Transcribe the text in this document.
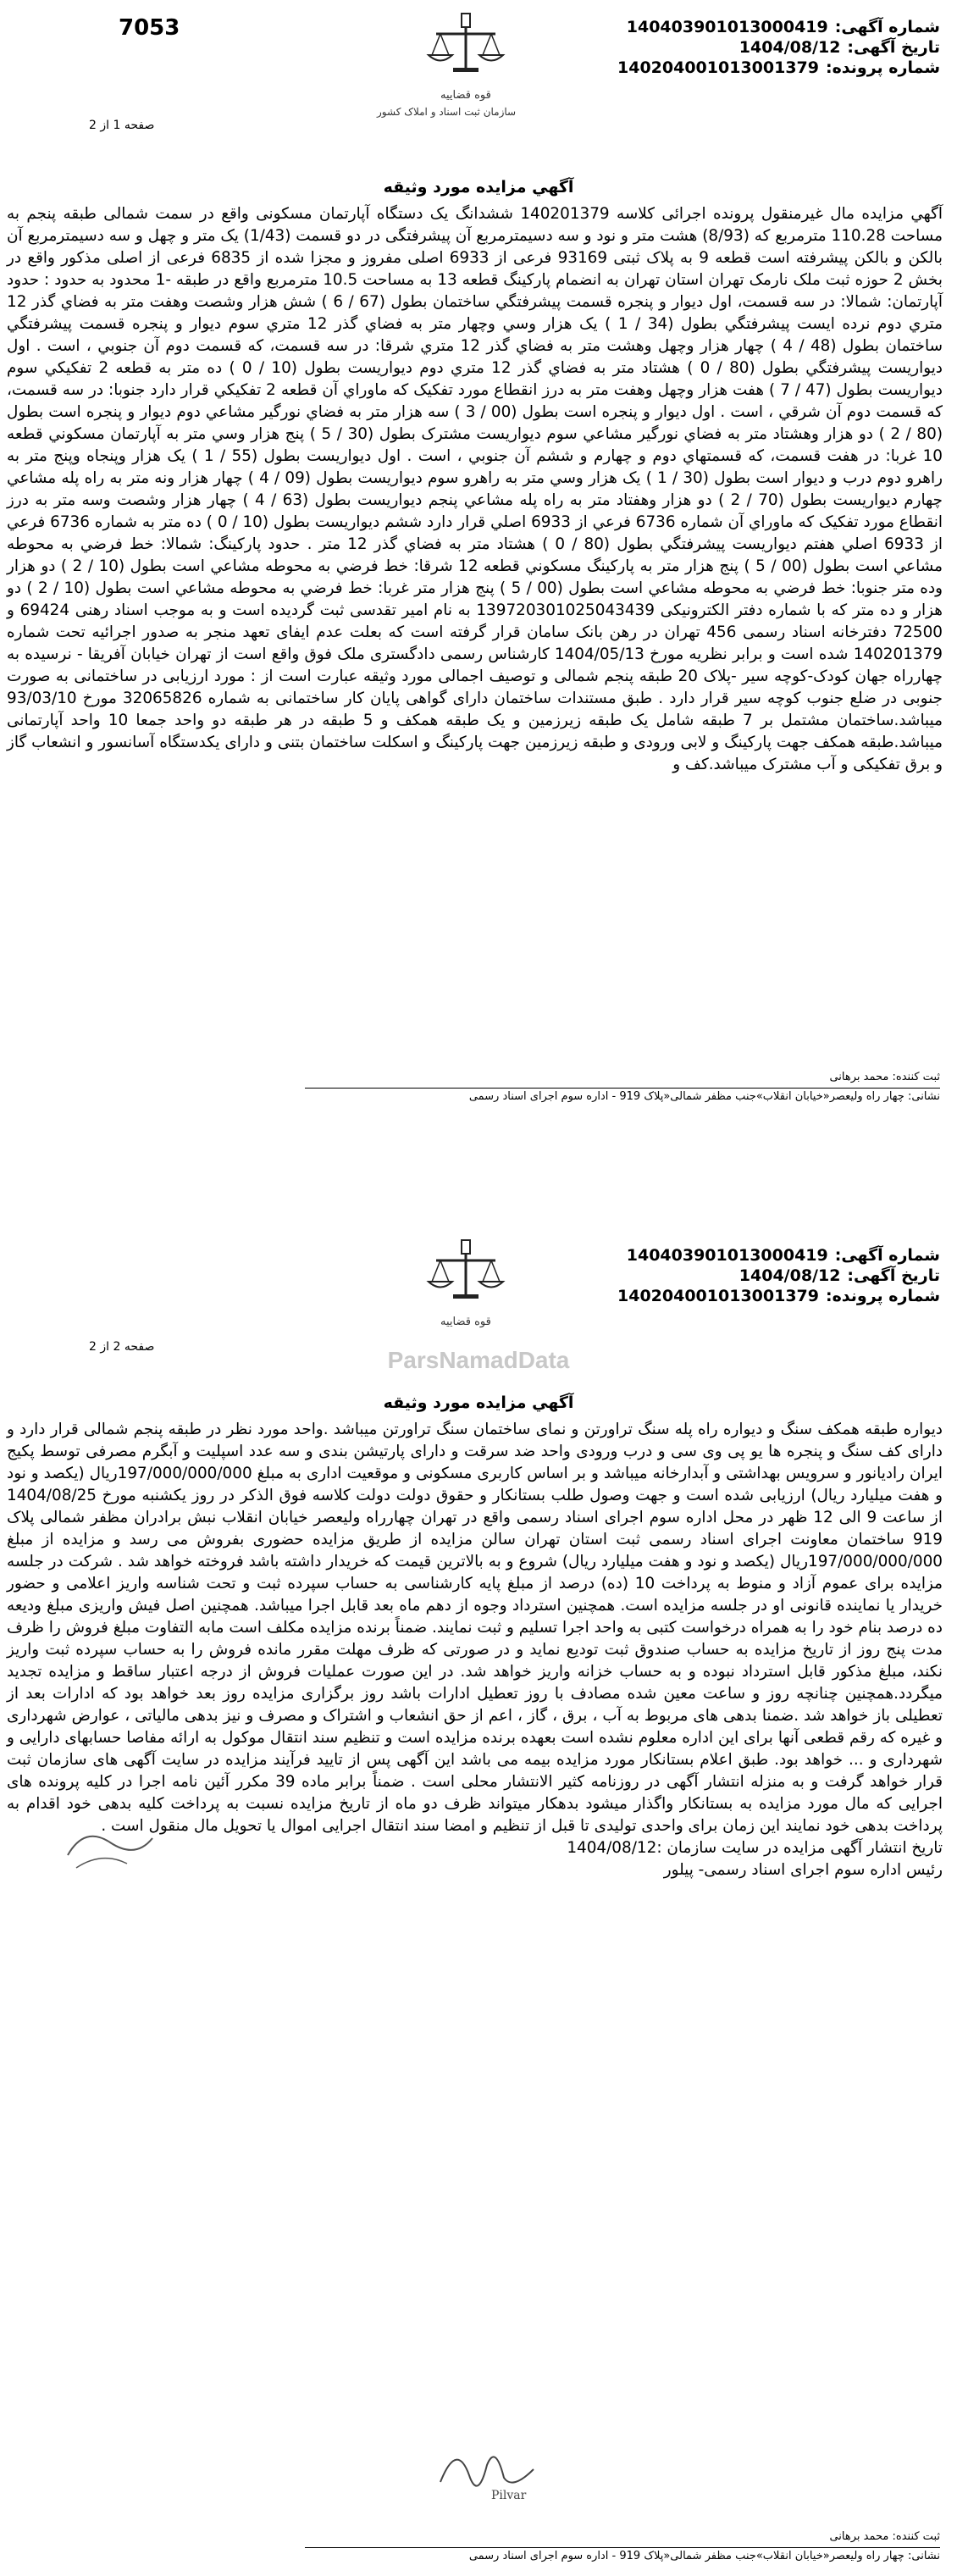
7053
قوه قضاییه
سازمان ثبت اسناد و املاک کشور
شماره آگهی:
140403901013000419
تاریخ آگهی:
1404/08/12
شماره پرونده:
140204001013001379
صفحه 1 از 2
آگهي مزايده مورد وثيقه

آگهي مزايده مال غيرمنقول پرونده اجرائی کلاسه 140201379 ششدانگ يک دستگاه آپارتمان مسکونی واقع در سمت شمالی طبقه پنجم به مساحت 110.28 مترمربع که (8/93) هشت متر و نود و سه دسيمترمربع آن پيشرفتگی در دو قسمت (1/43) يک متر و چهل و سه دسيمترمربع آن بالکن و بالکن پيشرفته است قطعه 9 به پلاک ثبتی 93169 فرعی از 6933 اصلی مفروز و مجزا شده از 6835 فرعی از اصلی مذکور واقع در بخش 2 حوزه ثبت ملک نارمک تهران استان تهران به انضمام پارکينگ قطعه 13 به مساحت 10.5 مترمربع واقع در طبقه -1 محدود به حدود : حدود آپارتمان: شمالا: در سه قسمت، اول ديوار و پنجره قسمت پيشرفتگي ساختمان بطول (67 / 6 ) شش هزار وشصت وهفت متر به فضاي گذر 12 متري دوم نرده ايست پيشرفتگي بطول (34 / 1 ) يک هزار وسي وچهار متر به فضاي گذر 12 متري سوم ديوار و پنجره قسمت پيشرفتگي ساختمان بطول (48 / 4 ) چهار هزار وچهل وهشت متر به فضاي گذر 12 متري شرقا: در سه قسمت، که قسمت دوم آن جنوبي ، است . اول ديواريست پيشرفتگي بطول (80 / 0 ) هشتاد متر به فضاي گذر 12 متري دوم ديواريست بطول (10 / 0 ) ده متر به قطعه 2 تفکيکي سوم ديواريست بطول (47 / 7 ) هفت هزار وچهل وهفت متر به درز انقطاع مورد تفکيک که ماوراي آن قطعه 2 تفکيکي قرار دارد جنوبا: در سه قسمت، که قسمت دوم آن شرقي ، است . اول ديوار و پنجره است بطول (00 / 3 ) سه هزار متر به فضاي نورگير مشاعي دوم ديوار و پنجره است بطول (80 / 2 ) دو هزار وهشتاد متر به فضاي نورگير مشاعي سوم ديواريست مشترک بطول (30 / 5 ) پنج هزار وسي متر به آپارتمان مسکوني قطعه 10 غربا: در هفت قسمت، که قسمتهاي دوم و چهارم و ششم آن جنوبي ، است . اول ديواريست بطول (55 / 1 ) يک هزار وپنجاه وپنج متر به راهرو دوم درب و ديوار است بطول (30 / 1 ) يک هزار وسي متر به راهرو سوم ديواريست بطول (09 / 4 ) چهار هزار ونه متر به راه پله مشاعي چهارم ديواريست بطول (70 / 2 ) دو هزار وهفتاد متر به راه پله مشاعي پنجم ديواريست بطول (63 / 4 ) چهار هزار وشصت وسه متر به درز انقطاع مورد تفکيک که ماوراي آن شماره 6736 فرعي از 6933 اصلي قرار دارد ششم ديواريست بطول (10 / 0 ) ده متر به شماره 6736 فرعي از 6933 اصلي هفتم ديواريست پيشرفتگي بطول (80 / 0 ) هشتاد متر به فضاي گذر 12 متر . حدود پارکينگ: شمالا: خط فرضي به محوطه مشاعي است بطول (00 / 5 ) پنج هزار متر به پارکينگ مسکوني قطعه 12 شرقا: خط فرضي به محوطه مشاعي است بطول (10 / 2 ) دو هزار وده متر جنوبا: خط فرضي به محوطه مشاعي است بطول (00 / 5 ) پنج هزار متر غربا: خط فرضي به محوطه مشاعي است بطول (10 / 2 ) دو هزار و ده متر که با شماره دفتر الکترونيکی 139720301025043439 به نام امير تقدسی ثبت گرديده است و به موجب اسناد رهنی 69424 و 72500 دفترخانه اسناد رسمی 456 تهران در رهن بانک سامان قرار گرفته است که بعلت عدم ايفای تعهد منجر به صدور اجرائيه تحت شماره 140201379 شده است و برابر نظريه مورخ 1404/05/13 کارشناس رسمی دادگستری ملک فوق واقع است از تهران خيابان آفريقا - نرسيده به چهارراه جهان کودک-کوچه سير -پلاک 20 طبقه پنجم شمالی و توصيف اجمالی مورد وثيقه عبارت است از : مورد ارزيابی در ساختمانی به صورت جنوبی در ضلع جنوب کوچه سير قرار دارد . طبق مستندات ساختمان دارای گواهی پايان کار ساختمانی به شماره 32065826 مورخ 93/03/10 ميباشد.ساختمان مشتمل بر 7 طبقه شامل يک طبقه زيرزمين و يک طبقه همکف و 5 طبقه در هر طبقه دو واحد جمعا 10 واحد آپارتمانی ميباشد.طبقه همکف جهت پارکينگ و لابی ورودی و طبقه زيرزمين جهت پارکينگ و اسکلت ساختمان بتنی و دارای يکدستگاه آسانسور و انشعاب گاز و برق تفکيکی و آب مشترک ميباشد.کف و

ثبت کننده: محمد برهانی
نشانی: چهار راه وليعصر«خيابان انقلاب»جنب مظفر شمالی«پلاک 919 - اداره سوم اجرای اسناد رسمی
قوه قضاییه
ParsNamadData
شماره آگهی:
140403901013000419
تاریخ آگهی:
1404/08/12
شماره پرونده:
140204001013001379
صفحه 2 از 2
آگهي مزايده مورد وثيقه

ديواره طبقه همکف سنگ و ديواره راه پله سنگ تراورتن و نمای ساختمان سنگ تراورتن ميباشد .واحد مورد نظر در طبقه پنجم شمالی قرار دارد و دارای کف سنگ و پنجره ها يو پی وی سی و درب ورودی واحد ضد سرقت و دارای پارتيشن بندی و سه عدد اسپليت و آبگرم مصرفی توسط پکيج ايران راديانور و سرويس بهداشتی و آبدارخانه ميباشد و بر اساس کاربری مسکونی و موقعيت اداری به مبلغ 197/000/000/000ريال (يکصد و نود و هفت ميليارد ريال) ارزيابی شده است و جهت وصول طلب بستانکار و حقوق دولت دولت کلاسه فوق الذکر در روز يکشنبه مورخ 1404/08/25 از ساعت 9 الی 12 ظهر در محل اداره سوم اجرای اسناد رسمی واقع در تهران چهارراه وليعصر خيابان انقلاب نبش برادران مظفر شمالی پلاک 919 ساختمان معاونت اجرای اسناد رسمی ثبت استان تهران سالن مزايده از طريق مزايده حضوری بفروش می رسد و مزايده از مبلغ 197/000/000/000ريال (يکصد و نود و هفت ميليارد ريال) شروع و به بالاترين قيمت که خريدار داشته باشد فروخته خواهد شد . شرکت در جلسه مزايده برای عموم آزاد و منوط به پرداخت 10 (ده) درصد از مبلغ پايه کارشناسی به حساب سپرده ثبت و تحت شناسه واريز اعلامی و حضور خريدار يا نماينده قانونی او در جلسه مزايده است. همچنين استرداد وجوه از دهم ماه بعد قابل اجرا ميباشد. همچنين اصل فيش واريزی مبلغ وديعه ده درصد بنام خود را به همراه درخواست کتبی به واحد اجرا تسليم و ثبت نمايند. ضمناً برنده مزايده مکلف است مابه التفاوت مبلغ فروش را ظرف مدت پنج روز از تاريخ مزايده به حساب صندوق ثبت توديع نمايد و در صورتی که ظرف مهلت مقرر مانده فروش را به حساب سپرده ثبت واريز نکند، مبلغ مذکور قابل استرداد نبوده و به حساب خزانه واريز خواهد شد. در اين صورت عمليات فروش از درجه اعتبار ساقط و مزايده تجديد ميگردد.همچنين چنانچه روز و ساعت معين شده مصادف با روز تعطيل ادارات باشد روز برگزاری مزايده روز بعد خواهد بود که ادارات بعد از تعطيلی باز خواهد شد .ضمنا بدهی های مربوط به آب ، برق ، گاز ، اعم از حق انشعاب و اشتراک و مصرف و نيز بدهی مالياتی ، عوارض شهرداری و غيره که رقم قطعی آنها برای اين اداره معلوم نشده است بعهده برنده مزايده است و تنظيم سند انتقال موکول به ارائه مفاصا حسابهای دارايی و شهرداری و ... خواهد بود. طبق اعلام بستانکار مورد مزايده بيمه می باشد اين آگهی پس از تاييد فرآيند مزايده در سايت آگهی های سازمان ثبت قرار خواهد گرفت و به منزله انتشار آگهی در روزنامه کثير الانتشار محلی است . ضمناً برابر ماده 39 مکرر آئين نامه اجرا در کليه پرونده های اجرايی که مال مورد مزايده به بستانکار واگذار ميشود بدهکار ميتواند ظرف دو ماه از تاريخ مزايده نسبت به پرداخت کليه بدهی خود اقدام به پرداخت بدهی خود نمايند اين زمان برای واحدی توليدی تا قبل از تنظيم و امضا سند انتقال اجرايی اموال يا تحويل مال منقول است .

تاريخ انتشار آگهی مزايده در سايت سازمان :1404/08/12

رئيس اداره سوم اجرای اسناد رسمی- پيلور

Pilvar
ثبت کننده: محمد برهانی
نشانی: چهار راه وليعصر«خيابان انقلاب»جنب مظفر شمالی«پلاک 919 - اداره سوم اجرای اسناد رسمی
